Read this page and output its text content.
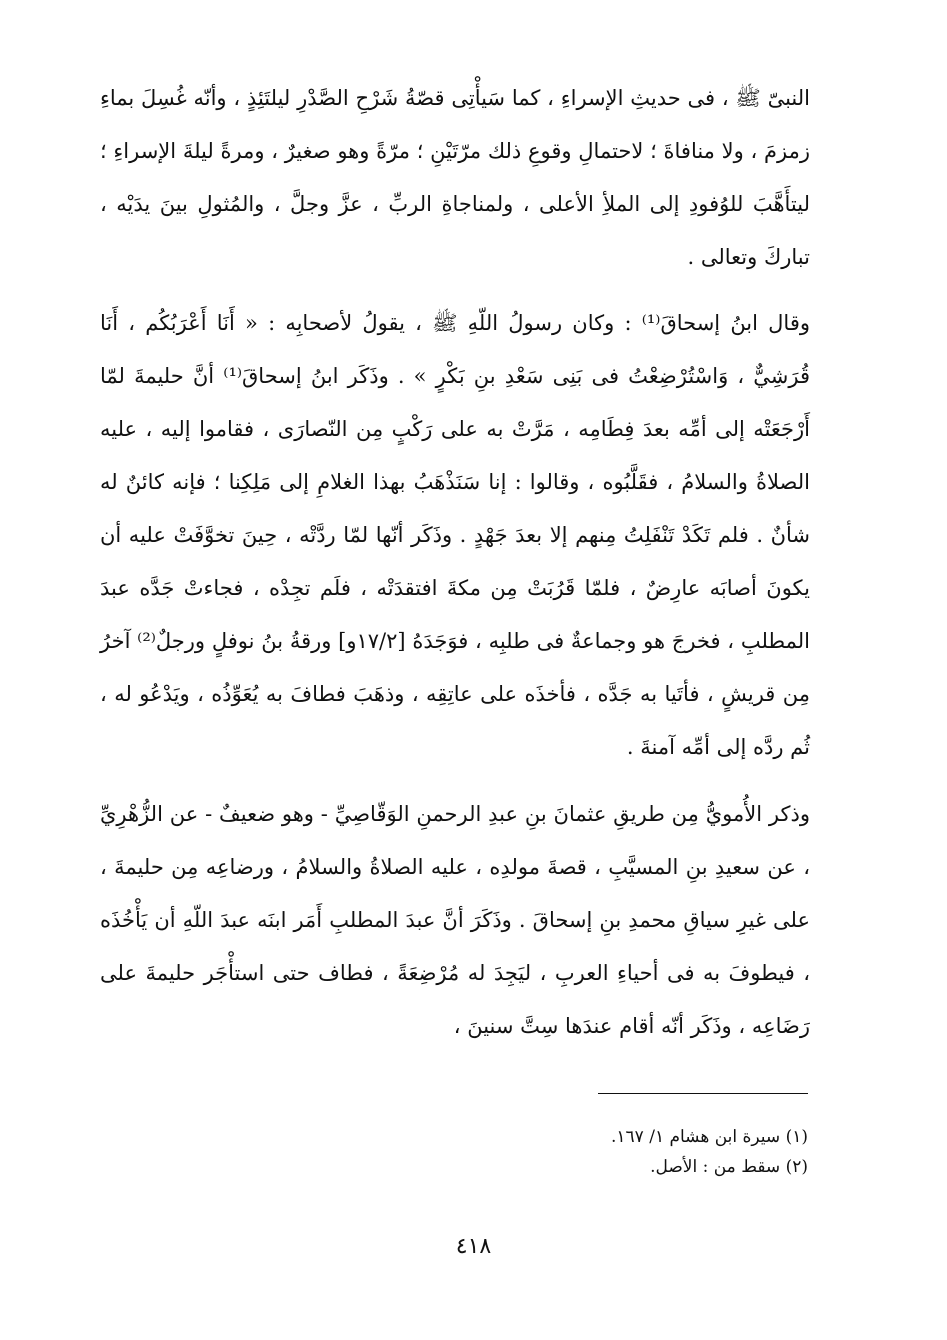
النبىّ ﷺ ، فى حديثِ الإسراءِ ، كما سَيأْتِى قصّةُ شَرْحِ الصَّدْرِ ليلتَئِذٍ ، وأنّه غُسِلَ بماءِ زمزمَ ، ولا منافاةَ ؛ لاحتمالِ وقوعِ ذلك مرّتَيْنِ ؛ مرّةً وهو صغيرٌ ، ومرةً ليلةَ الإسراءِ ؛ ليتأَهَّبَ للوُفودِ إلى الملأِ الأعلى ، ولمناجاةِ الربِّ ، عزَّ وجلَّ ، والمُثولِ بينَ يدَيْه ، تباركَ وتعالى .

وقال ابنُ إسحاقَ⁽¹⁾ : وكان رسولُ اللّهِ ﷺ ، يقولُ لأصحابِه : « أَنَا أَعْرَبُكُم ، أَنَا قُرَشِيٌّ ، وَاسْتُرْضِعْتُ فى بَنِى سَعْدِ بنِ بَكْرٍ » . وذَكَر ابنُ إسحاقَ⁽¹⁾ أنَّ حليمةَ لمّا أَرْجَعَتْه إلى أمِّه بعدَ فِطَامِه ، مَرَّتْ به على رَكْبٍ مِن النّصارَى ، فقاموا إليه ، عليه الصلاةُ والسلامُ ، فقَلَّبُوه ، وقالوا : إنا سَنَذْهَبُ بهذا الغلامِ إلى مَلِكِنا ؛ فإنه كائنٌ له شأنٌ . فلم تَكَدْ تَنْفَلِتُ مِنهم إلا بعدَ جَهْدٍ . وذَكَر أنّها لمّا ردَّتْه ، حِينَ تخوَّفَتْ عليه أن يكونَ أصابَه عارِضٌ ، فلمّا قَرُبَتْ مِن مكةَ افتقدَتْه ، فلَم تجِدْه ، فجاءتْ جَدَّه عبدَ المطلبِ ، فخرجَ هو وجماعةٌ فى طلبِه ، فوَجَدَهُ [١٧/٢و] ورقةُ بنُ نوفلٍ ورجلٌ⁽²⁾ آخرُ مِن قريشٍ ، فأتَيا به جَدَّه ، فأخذَه على عاتِقِه ، وذهَبَ فطافَ به يُعَوِّذُه ، ويَدْعُو له ، ثُم ردَّه إلى أمِّه آمنةَ .

وذكر الأُمويُّ مِن طريقِ عثمانَ بنِ عبدِ الرحمنِ الوَقّاصِيِّ - وهو ضعيفٌ - عن الزُّهْرِيِّ ، عن سعيدِ بنِ المسيَّبِ ، قصةَ مولدِه ، عليه الصلاةُ والسلامُ ، ورضاعِه مِن حليمةَ ، على غيرِ سياقِ محمدِ بنِ إسحاقَ . وذَكَرَ أنَّ عبدَ المطلبِ أَمَر ابنَه عبدَ اللّهِ أن يَأْخُذَه ، فيطوفَ به فى أحياءِ العربِ ، ليَجِدَ له مُرْضِعَةً ، فطاف حتى استأْجَر حليمةَ على رَضَاعِه ، وذَكَر أنّه أقام عندَها سِتَّ سنينَ ،

(١) سيرة ابن هشام ١/ ١٦٧.

(٢) سقط من : الأصل.

٤١٨
